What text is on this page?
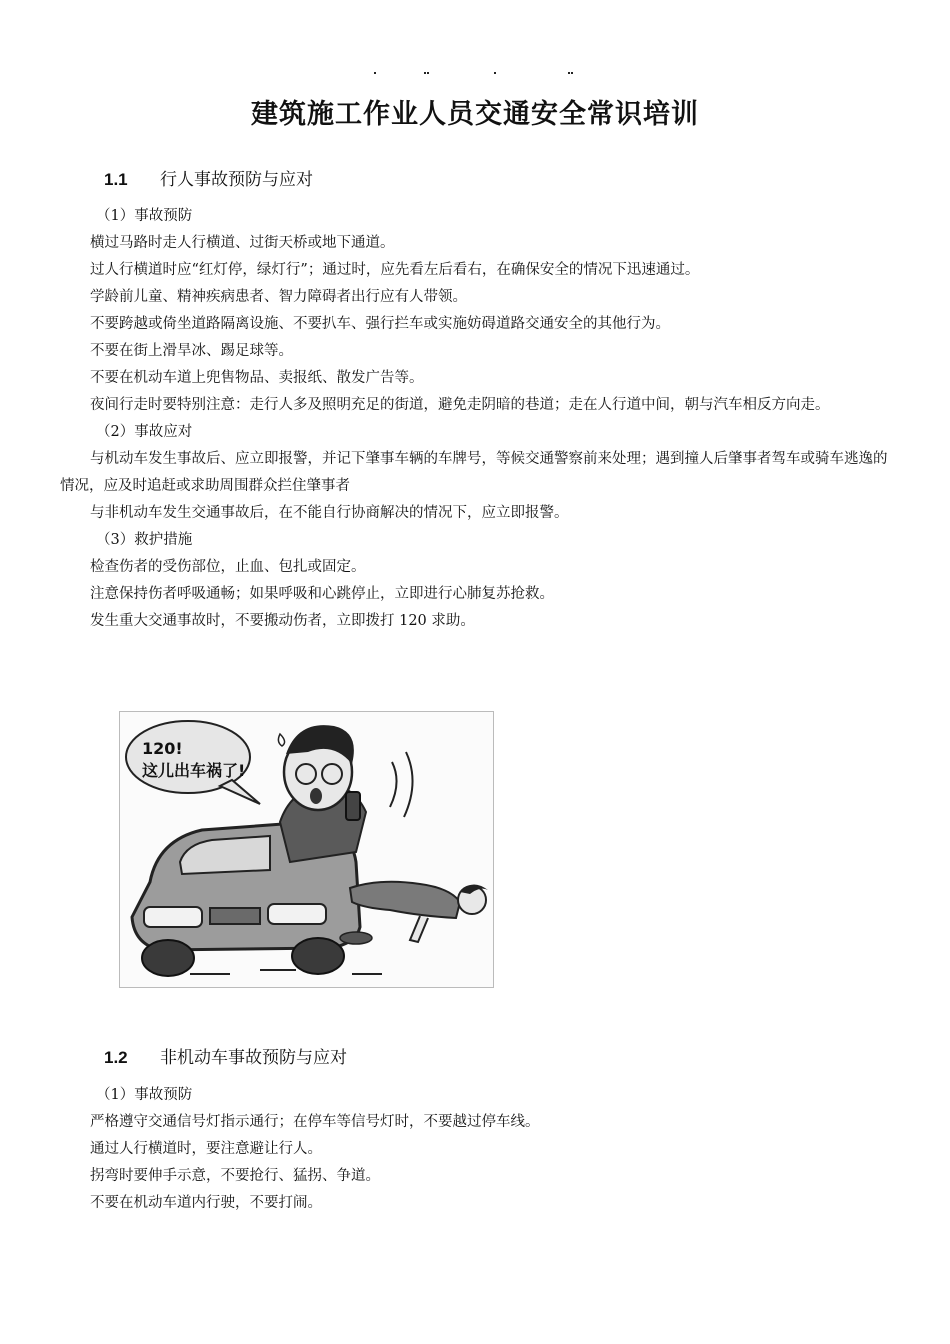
建筑施工作业人员交通安全常识培训
1.1	行人事故预防与应对

（1）事故预防

横过马路时走人行横道、过街天桥或地下通道。

过人行横道时应“红灯停，绿灯行”；通过时，应先看左后看右，在确保安全的情况下迅速通过。

学龄前儿童、精神疾病患者、智力障碍者出行应有人带领。

不要跨越或倚坐道路隔离设施、不要扒车、强行拦车或实施妨碍道路交通安全的其他行为。

不要在街上滑旱冰、踢足球等。

不要在机动车道上兜售物品、卖报纸、散发广告等。

夜间行走时要特别注意：走行人多及照明充足的街道，避免走阴暗的巷道；走在人行道中间，朝与汽车相反方向走。

（2）事故应对

与机动车发生事故后、应立即报警，并记下肇事车辆的车牌号，等候交通警察前来处理；遇到撞人后肇事者驾车或骑车逃逸的情况，应及时追赶或求助周围群众拦住肇事者

与非机动车发生交通事故后，在不能自行协商解决的情况下，应立即报警。

（3）救护措施

检查伤者的受伤部位，止血、包扎或固定。

注意保持伤者呼吸通畅；如果呼吸和心跳停止，立即进行心肺复苏抢救。

发生重大交通事故时，不要搬动伤者，立即拨打 120 求助。

120!
这儿出车祸了!
1.2	非机动车事故预防与应对

（1）事故预防

严格遵守交通信号灯指示通行；在停车等信号灯时，不要越过停车线。

通过人行横道时，要注意避让行人。

拐弯时要伸手示意，不要抢行、猛拐、争道。

不要在机动车道内行驶，不要打闹。
